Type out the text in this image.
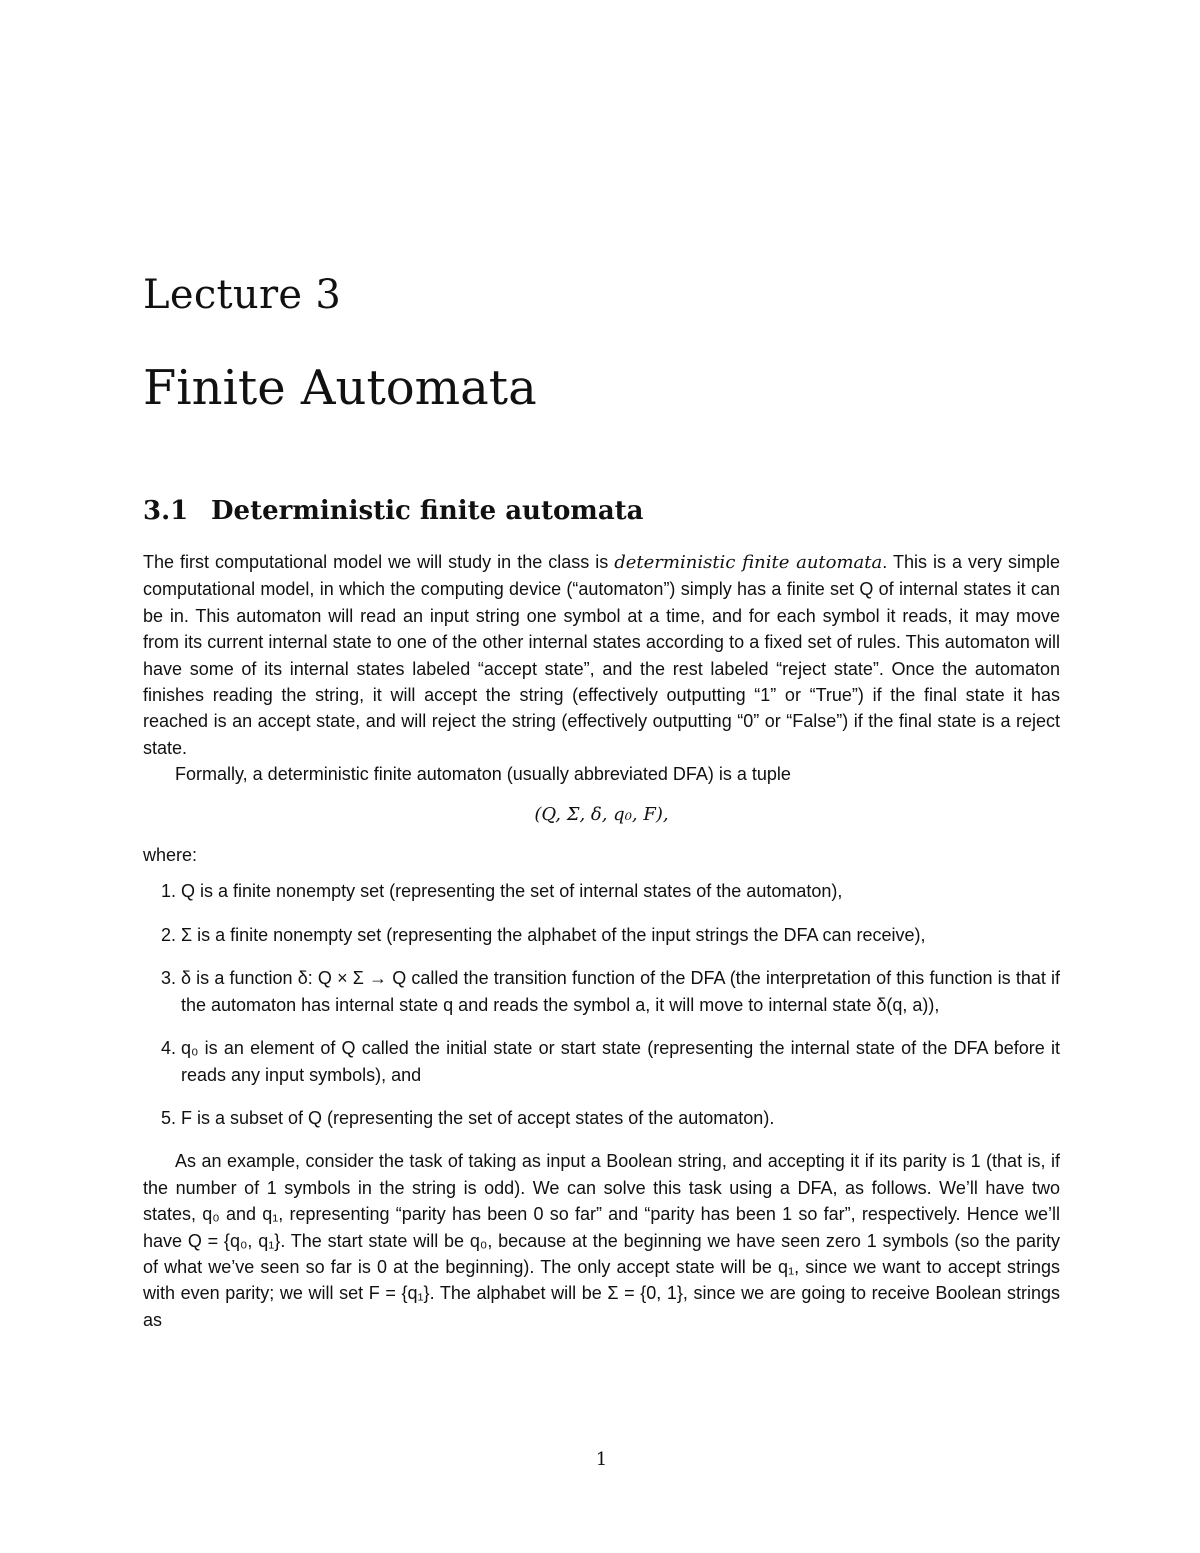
Lecture 3
Finite Automata
3.1 Deterministic finite automata

The first computational model we will study in the class is deterministic finite automata. This is a very simple computational model, in which the computing device (“automaton”) simply has a finite set Q of internal states it can be in. This automaton will read an input string one symbol at a time, and for each symbol it reads, it may move from its current internal state to one of the other internal states according to a fixed set of rules. This automaton will have some of its internal states labeled “accept state”, and the rest labeled “reject state”. Once the automaton finishes reading the string, it will accept the string (effectively outputting “1” or “True”) if the final state it has reached is an accept state, and will reject the string (effectively outputting “0” or “False”) if the final state is a reject state.

Formally, a deterministic finite automaton (usually abbreviated DFA) is a tuple

(Q, Σ, δ, q₀, F),

where:

1. Q is a finite nonempty set (representing the set of internal states of the automaton),
2. Σ is a finite nonempty set (representing the alphabet of the input strings the DFA can receive),
3. δ is a function δ: Q × Σ → Q called the transition function of the DFA (the interpretation of this function is that if the automaton has internal state q and reads the symbol a, it will move to internal state δ(q, a)),
4. q₀ is an element of Q called the initial state or start state (representing the internal state of the DFA before it reads any input symbols), and
5. F is a subset of Q (representing the set of accept states of the automaton).

As an example, consider the task of taking as input a Boolean string, and accepting it if its parity is 1 (that is, if the number of 1 symbols in the string is odd). We can solve this task using a DFA, as follows. We’ll have two states, q₀ and q₁, representing “parity has been 0 so far” and “parity has been 1 so far”, respectively. Hence we’ll have Q = {q₀, q₁}. The start state will be q₀, because at the beginning we have seen zero 1 symbols (so the parity of what we’ve seen so far is 0 at the beginning). The only accept state will be q₁, since we want to accept strings with even parity; we will set F = {q₁}. The alphabet will be Σ = {0, 1}, since we are going to receive Boolean strings as

1
